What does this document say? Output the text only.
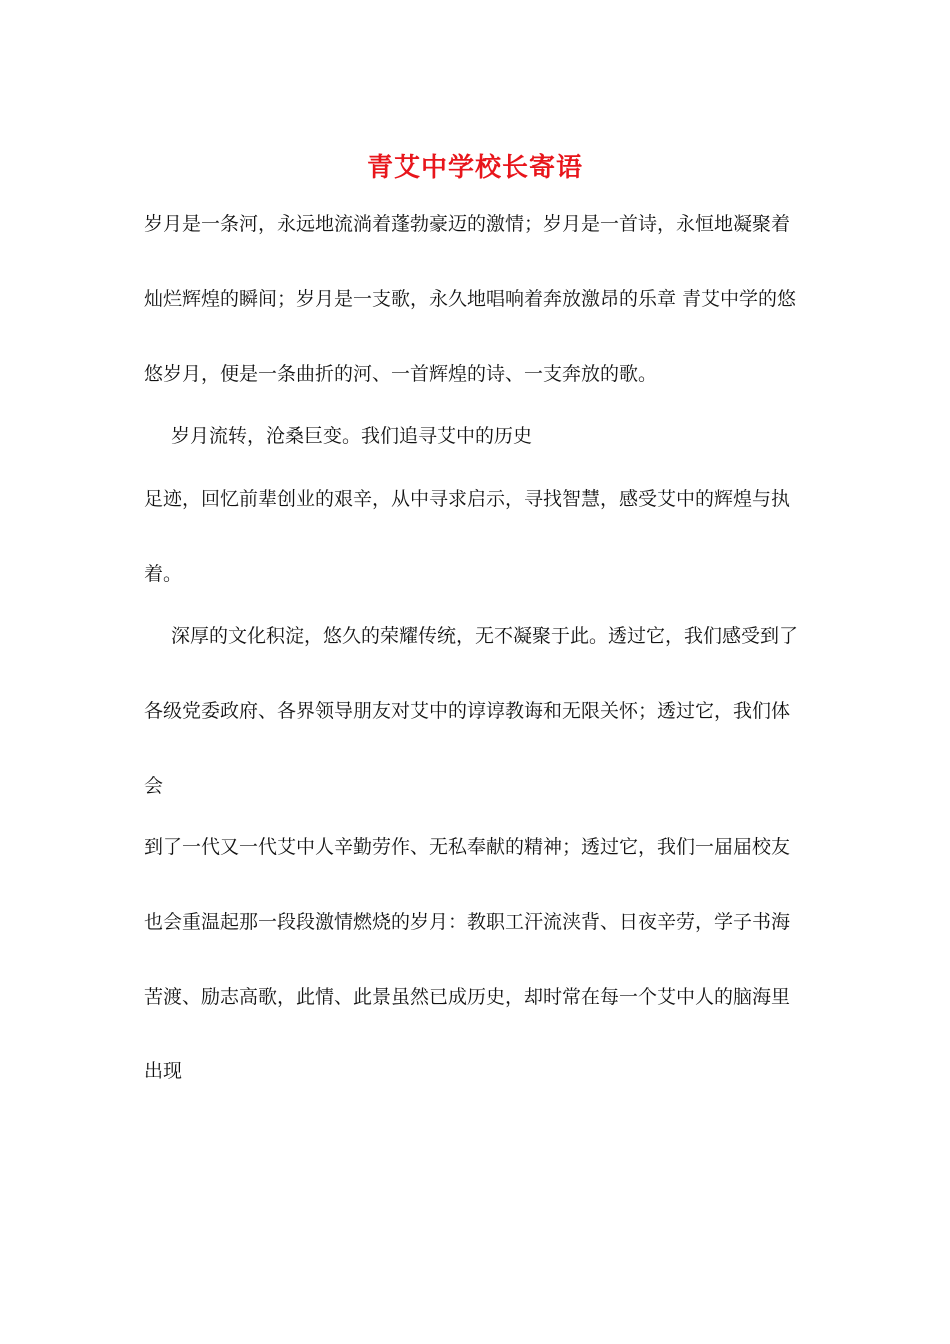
青艾中学校长寄语
岁月是一条河，永远地流淌着蓬勃豪迈的激情；岁月是一首诗，永恒地凝聚着
灿烂辉煌的瞬间；岁月是一支歌，永久地唱响着奔放激昂的乐章 青艾中学的悠
悠岁月，便是一条曲折的河、一首辉煌的诗、一支奔放的歌。
岁月流转，沧桑巨变。我们追寻艾中的历史
足迹，回忆前辈创业的艰辛，从中寻求启示，寻找智慧，感受艾中的辉煌与执
着。
深厚的文化积淀，悠久的荣耀传统，无不凝聚于此。透过它，我们感受到了
各级党委政府、各界领导朋友对艾中的谆谆教诲和无限关怀；透过它，我们体
会
到了一代又一代艾中人辛勤劳作、无私奉献的精神；透过它，我们一届届校友
也会重温起那一段段激情燃烧的岁月：教职工汗流浃背、日夜辛劳，学子书海
苦渡、励志高歌，此情、此景虽然已成历史，却时常在每一个艾中人的脑海里
出现
